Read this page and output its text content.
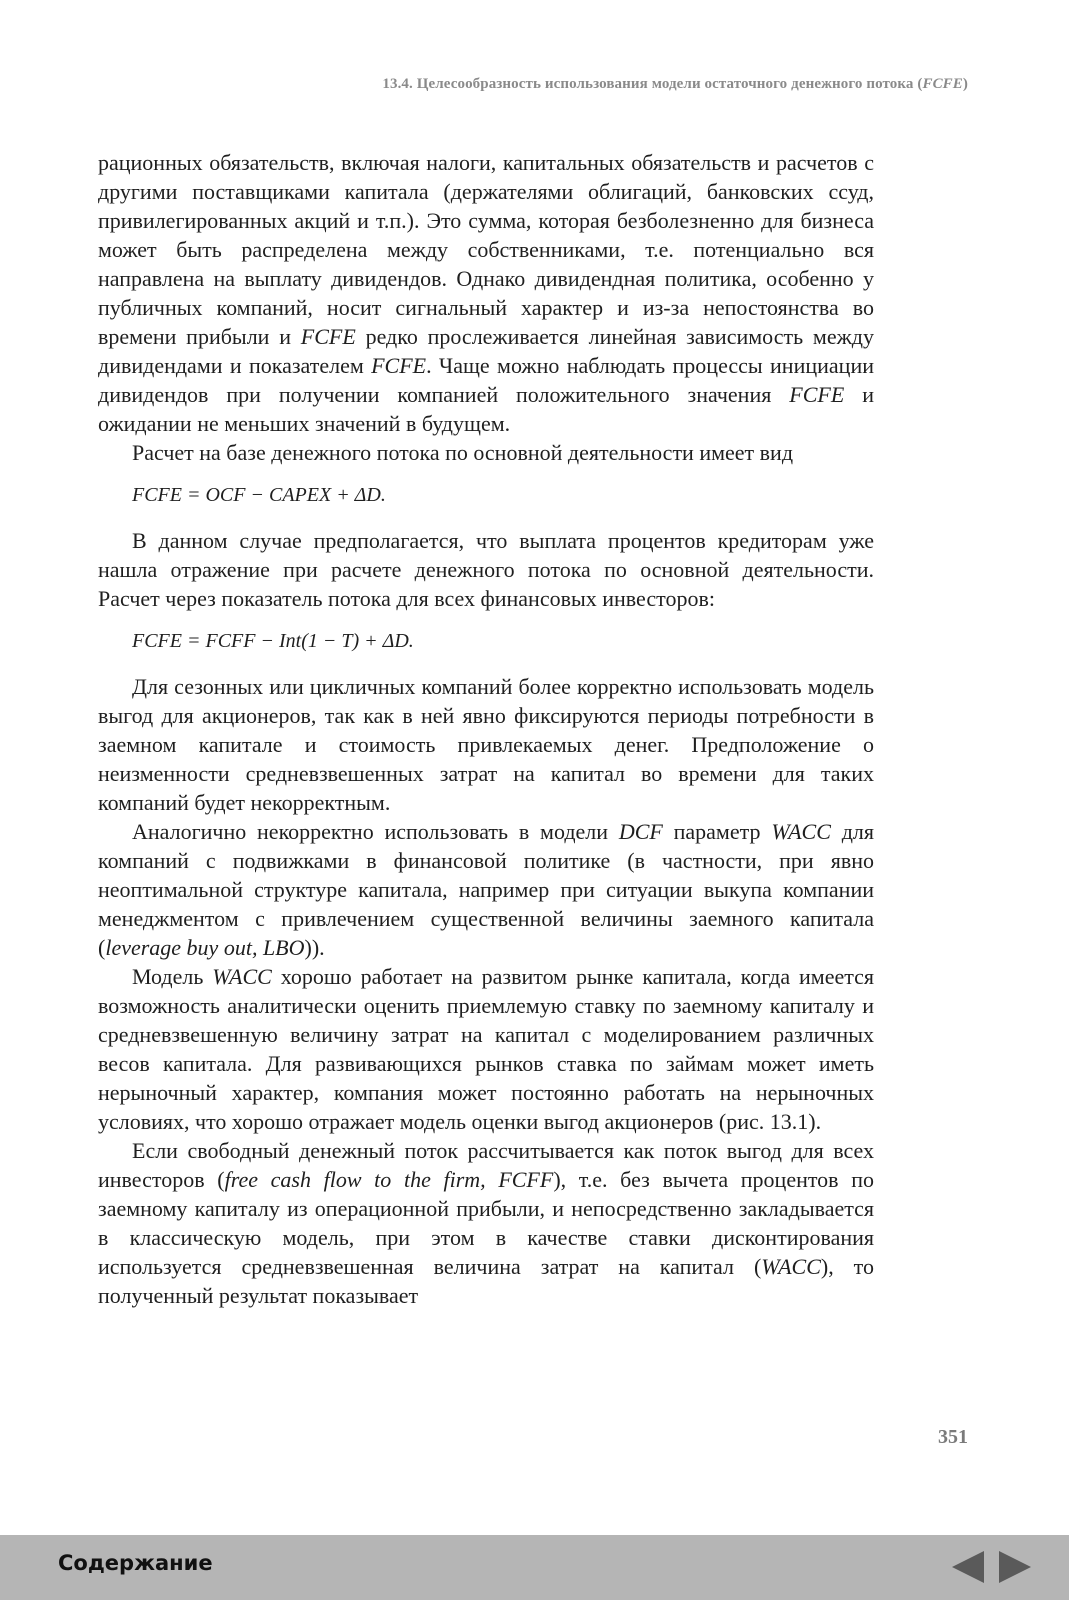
13.4. Целесообразность использования модели остаточного денежного потока (FCFE)

рационных обязательств, включая налоги, капитальных обязательств и расчетов с другими поставщиками капитала (держателями облигаций, банковских ссуд, привилегированных акций и т.п.). Это сумма, которая безболезненно для бизнеса может быть распределена между собственниками, т.е. потенциально вся направлена на выплату дивидендов. Однако дивидендная политика, особенно у публичных компаний, носит сигнальный характер и из-за непостоянства во времени прибыли и FCFE редко прослеживается линейная зависимость между дивидендами и показателем FCFE. Чаще можно наблюдать процессы инициации дивидендов при получении компанией положительного значения FCFE и ожидании не меньших значений в будущем.

Расчет на базе денежного потока по основной деятельности имеет вид

FCFE = OCF − CAPEX + ΔD.

В данном случае предполагается, что выплата процентов кредиторам уже нашла отражение при расчете денежного потока по основной деятельности. Расчет через показатель потока для всех финансовых инвесторов:

FCFE = FCFF − Int(1 − T) + ΔD.

Для сезонных или цикличных компаний более корректно использовать модель выгод для акционеров, так как в ней явно фиксируются периоды потребности в заемном капитале и стоимость привлекаемых денег. Предположение о неизменности средневзвешенных затрат на капитал во времени для таких компаний будет некорректным.

Аналогично некорректно использовать в модели DCF параметр WACC для компаний с подвижками в финансовой политике (в частности, при явно неоптимальной структуре капитала, например при ситуации выкупа компании менеджментом с привлечением существенной величины заемного капитала (leverage buy out, LBO)).

Модель WACC хорошо работает на развитом рынке капитала, когда имеется возможность аналитически оценить приемлемую ставку по заемному капиталу и средневзвешенную величину затрат на капитал с моделированием различных весов капитала. Для развивающихся рынков ставка по займам может иметь нерыночный характер, компания может постоянно работать на нерыночных условиях, что хорошо отражает модель оценки выгод акционеров (рис. 13.1).

Если свободный денежный поток рассчитывается как поток выгод для всех инвесторов (free cash flow to the firm, FCFF), т.е. без вычета процентов по заемному капиталу из операционной прибыли, и непосредственно закладывается в классическую модель, при этом в качестве ставки дисконтирования используется средневзвешенная величина затрат на капитал (WACC), то полученный результат показывает

351
Содержание
